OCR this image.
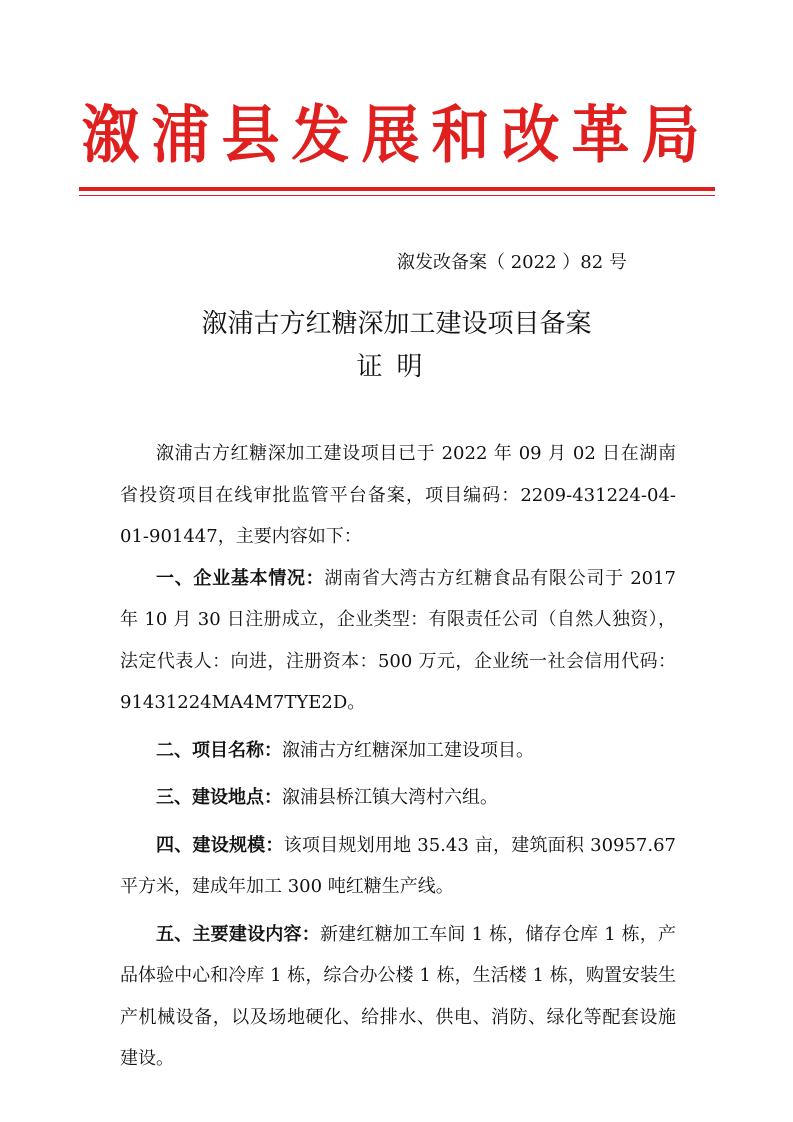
溆浦县发展和改革局
溆发改备案（ 2022 ）82 号
溆浦古方红糖深加工建设项目备案
证明

溆浦古方红糖深加工建设项目已于 2022 年 09 月 02 日在湖南省投资项目在线审批监管平台备案，项目编码：2209-431224-04-01-901447，主要内容如下：

一、企业基本情况：湖南省大湾古方红糖食品有限公司于 2017 年 10 月 30 日注册成立，企业类型：有限责任公司（自然人独资），法定代表人：向进，注册资本：500 万元，企业统一社会信用代码：91431224MA4M7TYE2D。

二、项目名称：溆浦古方红糖深加工建设项目。

三、建设地点：溆浦县桥江镇大湾村六组。

四、建设规模：该项目规划用地 35.43 亩，建筑面积 30957.67 平方米，建成年加工 300 吨红糖生产线。

五、主要建设内容：新建红糖加工车间 1 栋，储存仓库 1 栋，产品体验中心和冷库 1 栋，综合办公楼 1 栋，生活楼 1 栋，购置安装生产机械设备，以及场地硬化、给排水、供电、消防、绿化等配套设施建设。
